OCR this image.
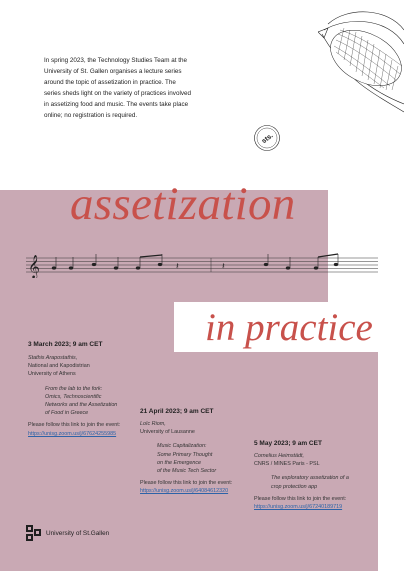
In spring 2023, the Technology Studies Team at the
University of St. Gallen organises a lecture series
around the topic of assetization in practice. The
series sheds light on the variety of practices involved
in assetizing food and music. The events take place
online; no registration is required.
sts.
assetization
𝄞	𝄽	𝄽
in practice
3 March 2023; 9 am CET
Stathis Arapostathis,
National and Kapodistrian
University of Athens
From the lab to the fork:
Omics, Technoscientific
Networks and the Assetization
of Food in Greece
Please follow this link to join the event:
https://unisg.zoom.us/j/67624255985
21 April 2023; 9 am CET
Loïc Riom,
University of Lausanne
Music Capitalization:
Some Primary Thought
on the Emergence
of the Music Tech Sector
Please follow this link to join the event:
https://unisg.zoom.us/j/64084612320
5 May 2023; 9 am CET
Cornelius Heimstädt,
CNRS / MINES Paris - PSL
The exploratory assetization of a
crop protection app
Please follow this link to join the event:
https://unisg.zoom.us/j/67240189719
University of St.Gallen
